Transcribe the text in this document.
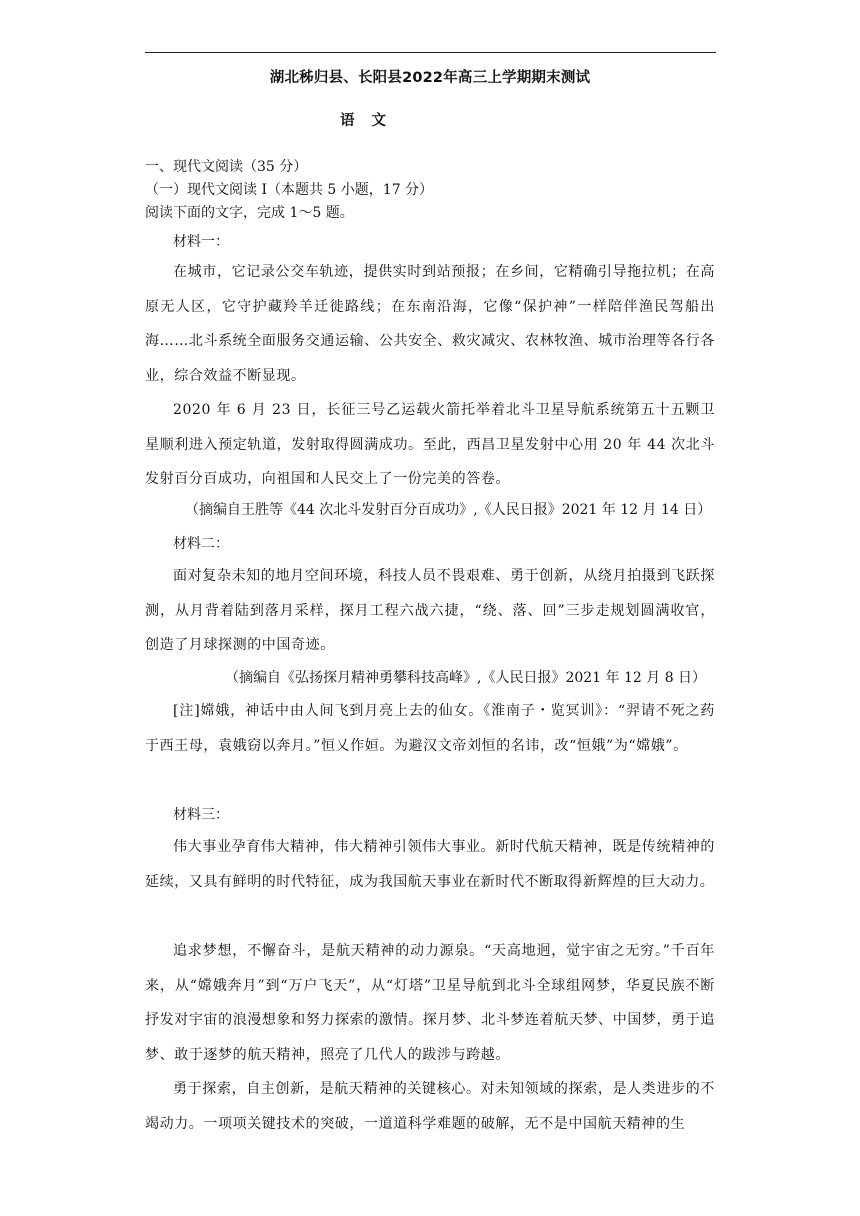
湖北秭归县、长阳县2022年高三上学期期末测试
语 文
一、现代文阅读（35 分）
（一）现代文阅读 I（本题共 5 小题，17 分）
阅读下面的文字，完成 1～5 题。
材料一：
在城市，它记录公交车轨迹，提供实时到站预报；在乡间，它精确引导拖拉机；在高原无人区，它守护藏羚羊迁徙路线；在东南沿海，它像“保护神”一样陪伴渔民驾船出海……北斗系统全面服务交通运输、公共安全、救灾减灾、农林牧渔、城市治理等各行各业，综合效益不断显现。
2020 年 6 月 23 日，长征三号乙运载火箭托举着北斗卫星导航系统第五十五颗卫星顺利进入预定轨道，发射取得圆满成功。至此，西昌卫星发射中心用 20 年 44 次北斗发射百分百成功，向祖国和人民交上了一份完美的答卷。
（摘编自王胜等《44 次北斗发射百分百成功》,《人民日报》2021 年 12 月 14 日）
材料二：
面对复杂未知的地月空间环境，科技人员不畏艰难、勇于创新，从绕月拍摄到飞跃探测，从月背着陆到落月采样，探月工程六战六捷，“绕、落、回”三步走规划圆满收官，创造了月球探测的中国奇迹。
（摘编自《弘扬探月精神勇攀科技高峰》,《人民日报》2021 年 12 月 8 日）
[注]嫦娥，神话中由人间飞到月亮上去的仙女。《淮南子・览冥训》：“羿请不死之药于西王母，袁娥窃以奔月。”恒乂作姮。为避汉文帝刘恒的名讳，改“恒娥”为“嫦娥”。
材料三：
伟大事业孕育伟大精神，伟大精神引领伟大事业。新时代航天精神，既是传统精神的延续，又具有鲜明的时代特征，成为我国航天事业在新时代不断取得新辉煌的巨大动力。
追求梦想，不懈奋斗，是航天精神的动力源泉。“天高地迥，觉宇宙之无穷。”千百年来，从“嫦娥奔月”到“万户飞天”，从“灯塔”卫星导航到北斗全球组网梦，华夏民族不断抒发对宇宙的浪漫想象和努力探索的激情。探月梦、北斗梦连着航天梦、中国梦，勇于追梦、敢于逐梦的航天精神，照亮了几代人的跋涉与跨越。
勇于探索，自主创新，是航天精神的关键核心。对未知领域的探索，是人类进步的不竭动力。一项项关键技术的突破，一道道科学难题的破解，无不是中国航天精神的生
